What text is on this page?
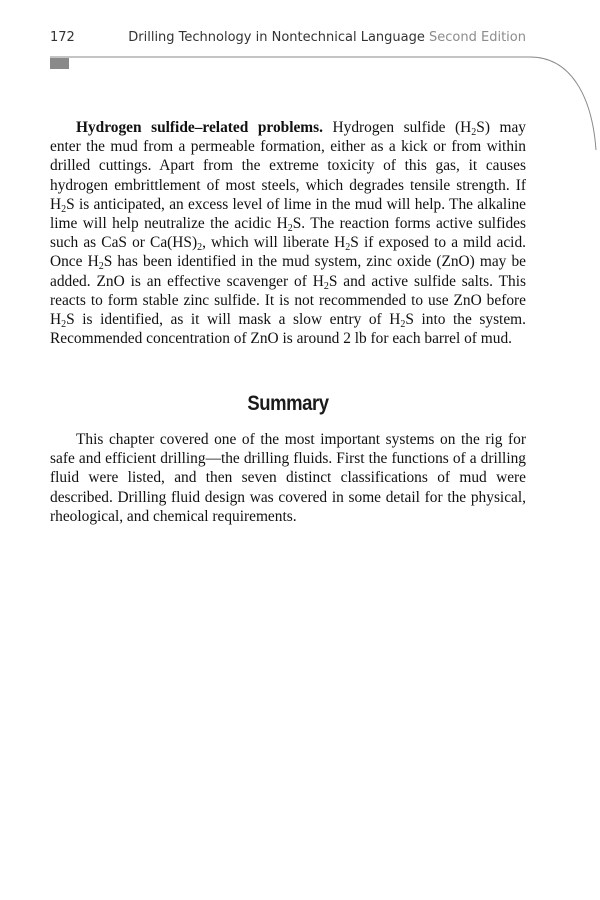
172	Drilling Technology in Nontechnical Language Second Edition

Hydrogen sulfide–related problems. Hydrogen sulfide $(H_2S)$ may enter the mud from a permeable formation, either as a kick or from within drilled cuttings. Apart from the extreme toxicity of this gas, it causes hydrogen embrittlement of most steels, which degrades tensile strength. If $H_2S$ is anticipated, an excess level of lime in the mud will help. The alkaline lime will help neutralize the acidic $H_2S$. The reaction forms active sulfides such as CaS or $Ca(HS)_2$, which will liberate $H_2S$ if exposed to a mild acid. Once $H_2S$ has been identified in the mud system, zinc oxide (ZnO) may be added. ZnO is an effective scavenger of $H_2S$ and active sulfide salts. This reacts to form stable zinc sulfide. It is not recommended to use ZnO before $H_2S$ is identified, as it will mask a slow entry of $H_2S$ into the system. Recommended concentration of ZnO is around 2 lb for each barrel of mud.

Summary

This chapter covered one of the most important systems on the rig for safe and efficient drilling—the drilling fluids. First the functions of a drilling fluid were listed, and then seven distinct classifications of mud were described. Drilling fluid design was covered in some detail for the physical, rheological, and chemical requirements.
